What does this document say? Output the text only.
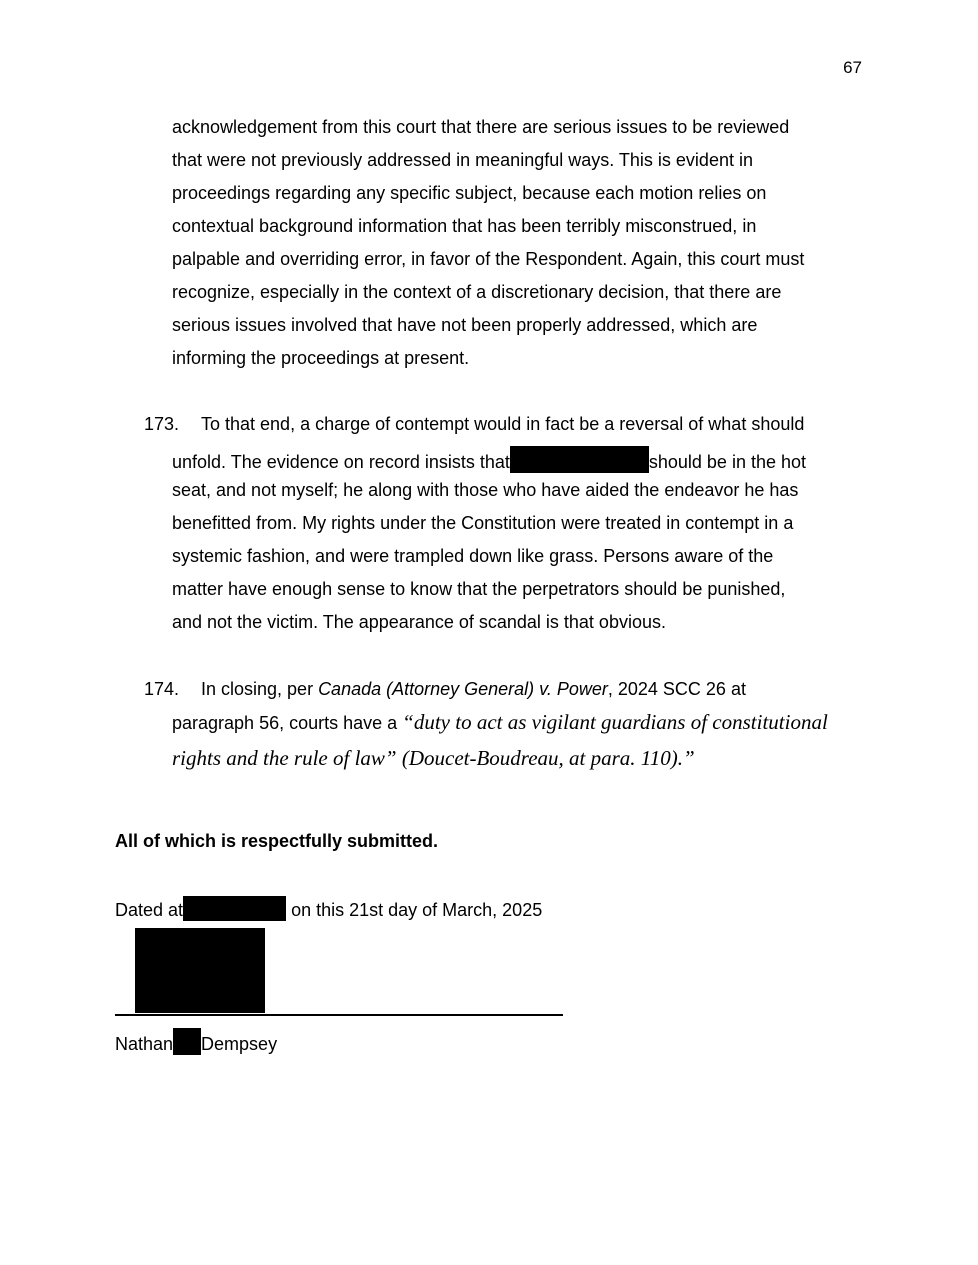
67
acknowledgement from this court that there are serious issues to be reviewed
that were not previously addressed in meaningful ways. This is evident in
proceedings regarding any specific subject, because each motion relies on
contextual background information that has been terribly misconstrued, in
palpable and overriding error, in favor of the Respondent. Again, this court must
recognize, especially in the context of a discretionary decision, that there are
serious issues involved that have not been properly addressed, which are
informing the proceedings at present.
173. To that end, a charge of contempt would in fact be a reversal of what should
unfold. The evidence on record insists that	should be in the hot
seat, and not myself; he along with those who have aided the endeavor he has
benefitted from. My rights under the Constitution were treated in contempt in a
systemic fashion, and were trampled down like grass. Persons aware of the
matter have enough sense to know that the perpetrators should be punished,
and not the victim. The appearance of scandal is that obvious.
174. In closing, per Canada (Attorney General) v. Power, 2024 SCC 26 at
paragraph 56, courts have a “duty to act as vigilant guardians of constitutional
rights and the rule of law” (Doucet-Boudreau, at para. 110).”
All of which is respectfully submitted.
Dated at	on this 21st day of March, 2025
Nathan Dempsey
